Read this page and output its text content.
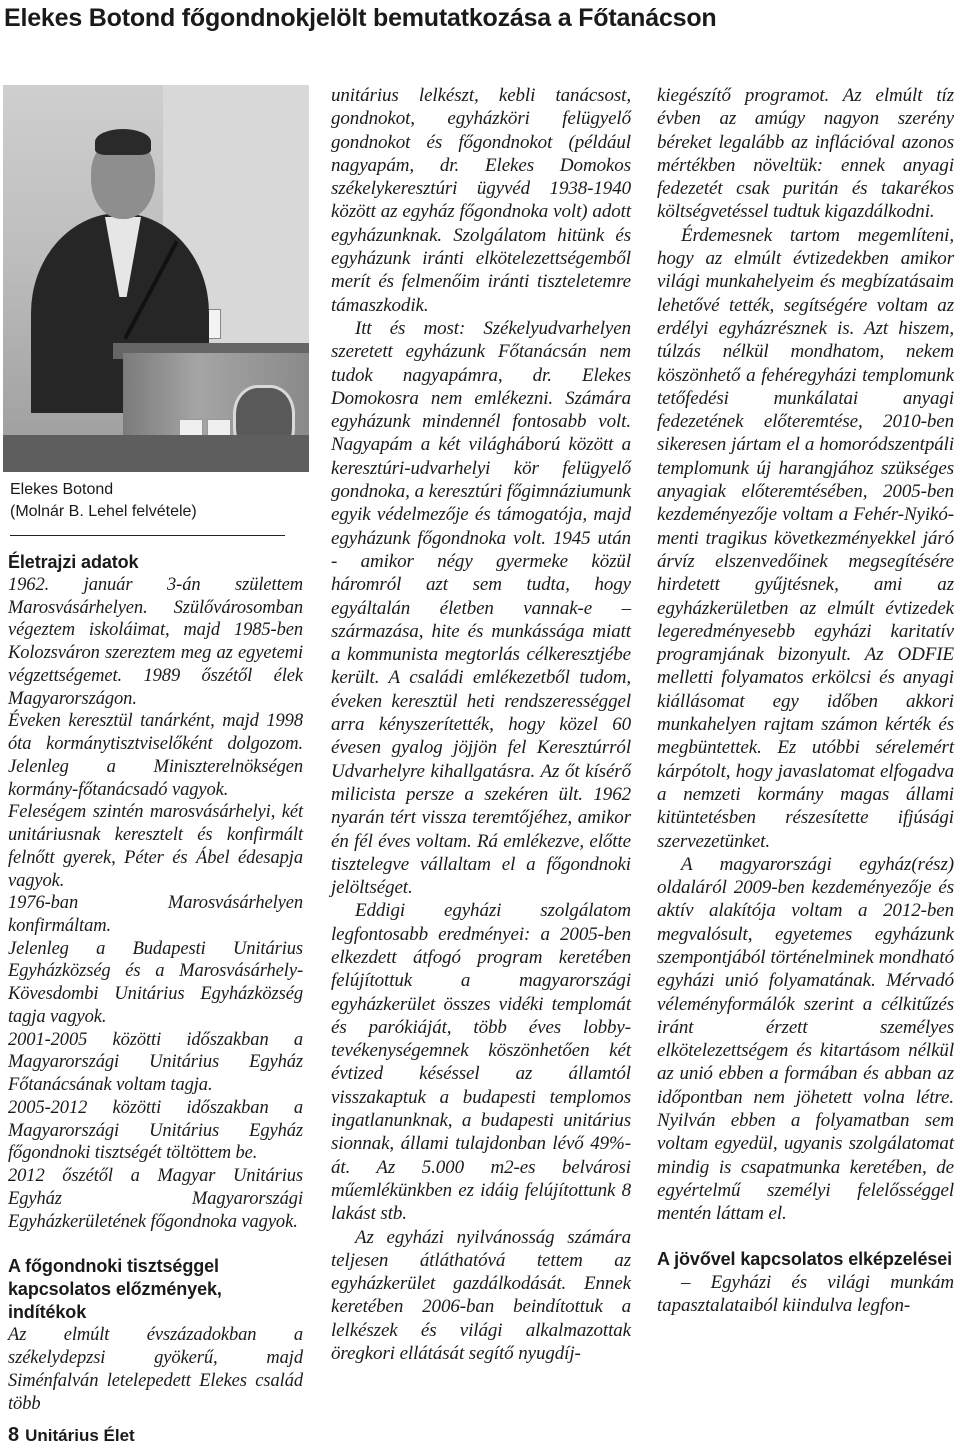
Elekes Botond főgondnokjelölt bemutatkozása a Főtanácson
Elekes Botond
(Molnár B. Lehel felvétele)
Életrajzi adatok

1962. január 3-án születtem Marosvásárhelyen. Szülővárosomban végeztem iskoláimat, majd 1985-ben Kolozsváron szereztem meg az egyetemi végzettségemet. 1989 őszétől élek Magyarországon.

Éveken keresztül tanárként, majd 1998 óta kormánytisztviselőként dolgozom. Jelenleg a Miniszterelnökségen kormány-főtanácsadó vagyok.

Feleségem szintén marosvásárhelyi, két unitáriusnak keresztelt és konfirmált felnőtt gyerek, Péter és Ábel édesapja vagyok.

1976-ban Marosvásárhelyen konfirmáltam.

Jelenleg a Budapesti Unitárius Egyházközség és a Marosvásárhely-Kövesdombi Unitárius Egyházközség tagja vagyok.

2001-2005 közötti időszakban a Magyarországi Unitárius Egyház Főtanácsának voltam tagja.

2005-2012 közötti időszakban a Magyarországi Unitárius Egyház főgondnoki tisztségét töltöttem be.

2012 őszétől a Magyar Unitárius Egyház Magyarországi Egyházkerületének főgondnoka vagyok.

A főgondnoki tisztséggel kapcsolatos előzmények, indítékok

Az elmúlt évszázadokban a székelydерzsi gyökerű, majd Siménfalván letelepedett Elekes család több

unitárius lelkészt, kebli tanácsost, gondnokot, egyházköri felügyelő gondnokot és főgondnokot (például nagyapám, dr. Elekes Domokos székelykeresztúri ügyvéd 1938-1940 között az egyház főgondnoka volt) adott egyházunknak. Szolgálatom hitünk és egyházunk iránti elkötelezettségemből merít és felmenőim iránti tiszteletemre támaszkodik.

Itt és most: Székelyudvarhelyen szeretett egyházunk Főtanácsán nem tudok nagyapámra, dr. Elekes Domokosra nem emlékezni. Számára egyházunk mindennél fontosabb volt. Nagyapám a két világháború között a keresztúri-udvarhelyi kör felügyelő gondnoka, a keresztúri főgimnáziumunk egyik védelmezője és támogatója, majd egyházunk főgondnoka volt. 1945 után - amikor négy gyermeke közül háromról azt sem tudta, hogy egyáltalán életben vannak-e – származása, hite és munkássága miatt a kommunista megtorlás célkeresztjébe került. A családi emlékezetből tudom, éveken keresztül heti rendszerességgel arra kényszerítették, hogy közel 60 évesen gyalog jöjjön fel Keresztúrról Udvarhelyre kihallgatásra. Az őt kísérő milicista persze a szekéren ült. 1962 nyarán tért vissza teremtőjéhez, amikor én fél éves voltam. Rá emlékezve, előtte tisztelegve vállaltam el a főgondnoki jelöltséget.

Eddigi egyházi szolgálatom legfontosabb eredményei: a 2005-ben elkezdett átfogó program keretében felújítottuk a magyarországi egyházkerület összes vidéki templomát és parókiáját, több éves lobby-tevékenységemnek köszönhetően két évtized késéssel az államtól visszakaptuk a budapesti templomos ingatlanunknak, a budapesti unitárius sionnak, állami tulajdonban lévő 49%-át. Az 5.000 m2-es belvárosi műemlékünkben ez idáig felújítottunk 8 lakást stb.

Az egyházi nyilvánosság számára teljesen átláthatóvá tettem az egyházkerület gazdálkodását. Ennek keretében 2006-ban beindítottuk a lelkészek és világi alkalmazottak öregkori ellátását segítő nyugdíj-

kiegészítő programot. Az elmúlt tíz évben az amúgy nagyon szerény béreket legalább az inflációval azonos mértékben növeltük: ennek anyagi fedezetét csak puritán és takarékos költségvetéssel tudtuk kigazdálkodni.

Érdemesnek tartom megemlíteni, hogy az elmúlt évtizedekben amikor világi munkahelyeim és megbízatásaim lehetővé tették, segítségére voltam az erdélyi egyházrésznek is. Azt hiszem, túlzás nélkül mondhatom, nekem köszönhető a fehéregyházi templomunk tetőfedési munkálatai anyagi fedezetének előteremtése, 2010-ben sikeresen jártam el a homoródszentpáli templomunk új harangjához szükséges anyagiak előteremtésében, 2005-ben kezdeményezője voltam a Fehér-Nyikó-menti tragikus következményekkel járó árvíz elszenvedőinek megsegítésére hirdetett gyűjtésnek, ami az egyházkerületben az elmúlt évtizedek legeredményesebb egyházi karitatív programjának bizonyult. Az ODFIE melletti folyamatos erkölcsi és anyagi kiállásomat egy időben akkori munkahelyen rajtam számon kérték és megbüntettek. Ez utóbbi sérelemért kárpótolt, hogy javaslatomat elfogadva a nemzeti kormány magas állami kitüntetésben részesítette ifjúsági szervezetünket.

A magyarországi egyház(rész) oldaláról 2009-ben kezdeményezője és aktív alakítója voltam a 2012-ben megvalósult, egyetemes egyházunk szempontjából történelminek mondható egyházi unió folyamatának. Mérvadó véleményformálók szerint a célkitűzés iránt érzett személyes elkötelezettségem és kitartásom nélkül az unió ebben a formában és abban az időpontban nem jöhetett volna létre. Nyilván ebben a folyamatban sem voltam egyedül, ugyanis szolgálatomat mindig is csapatmunka keretében, de egyértelmű személyi felelősséggel mentén láttam el.

A jövővel kapcsolatos elképzelései

– Egyházi és világi munkám tapasztalataiból kiindulva legfon-

8 Unitárius Élet
